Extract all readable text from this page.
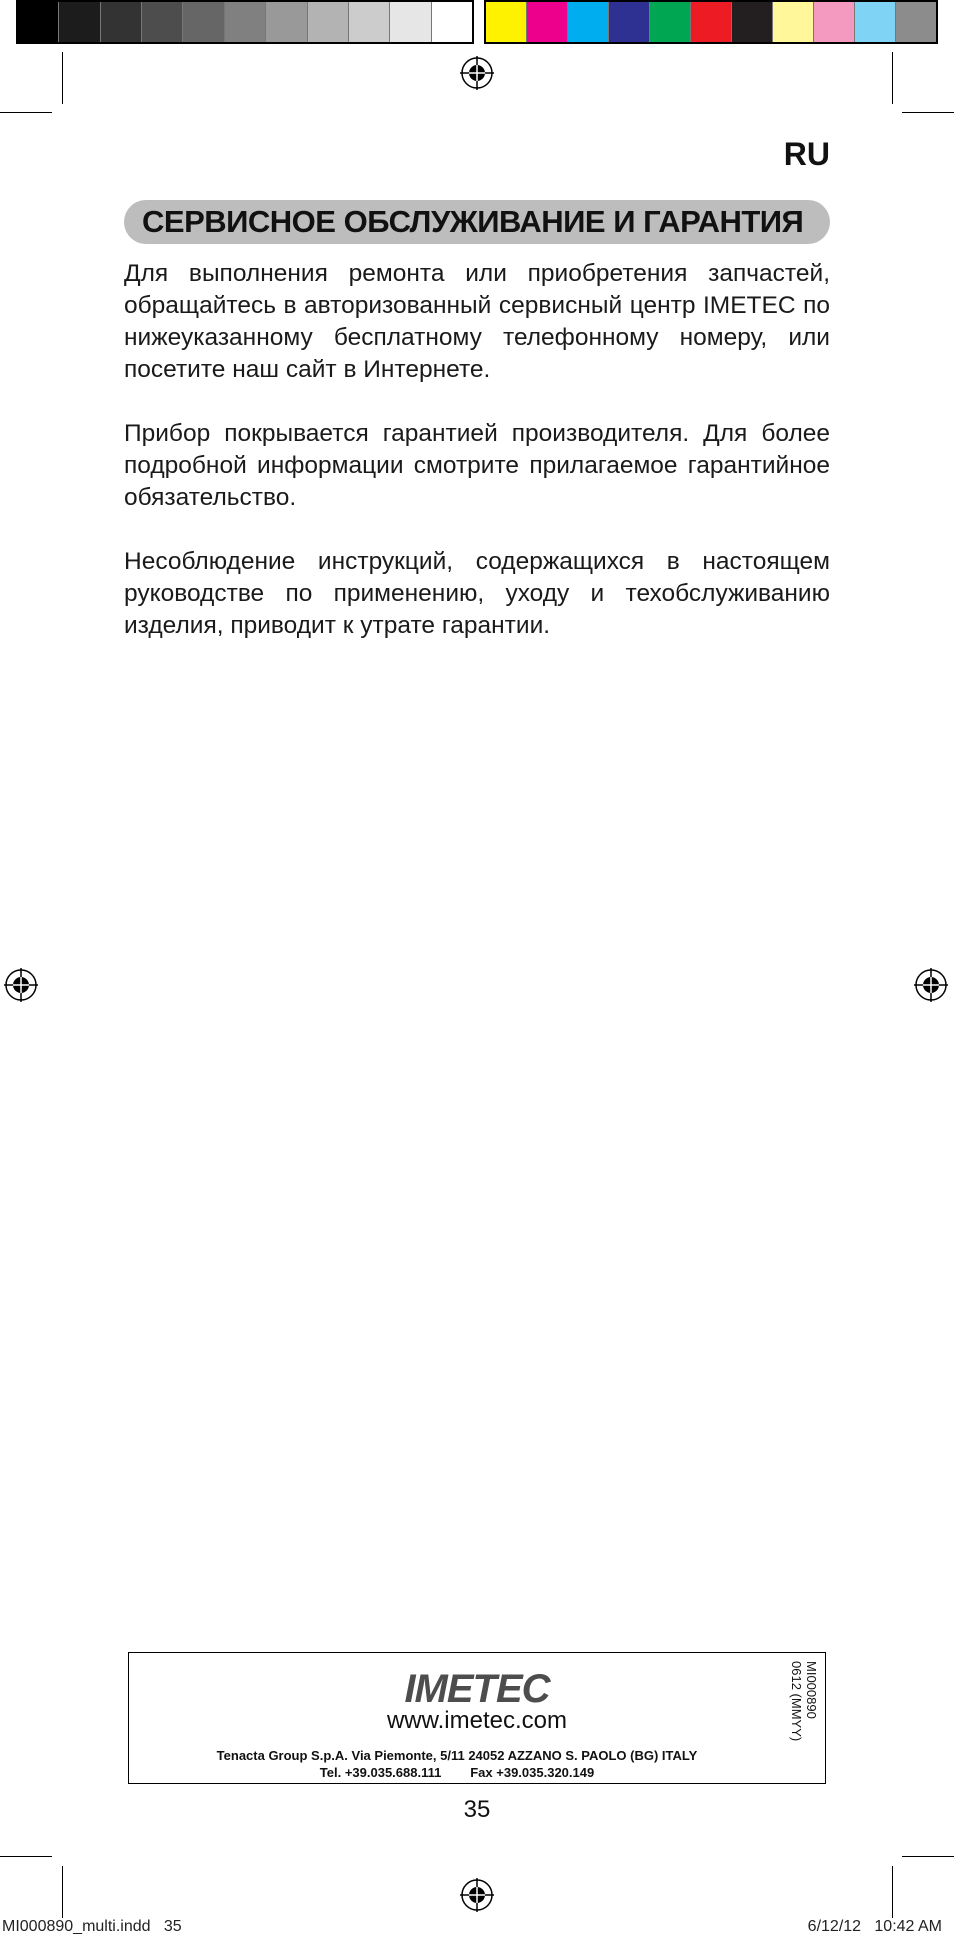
RU
СЕРВИСНОЕ ОБСЛУЖИВАНИЕ И ГАРАНТИЯ

Для выполнения ремонта или приобретения запчастей, обращайтесь в авторизованный сервисный центр IMETEC по нижеуказанному бесплатному телефонному номеру, или посетите наш сайт в Интернете.

Прибор покрывается гарантией производителя. Для более подробной информации смотрите прилагаемое гарантийное обязательство.

Несоблюдение инструкций, содержащихся в настоящем руководстве по применению, уходу и техобслуживанию изделия, приводит к утрате гарантии.

IMETEC
www.imetec.com
Tenacta Group S.p.A. Via Piemonte, 5/11 24052 AZZANO S. PAOLO (BG) ITALY
Tel. +39.035.688.111        Fax +39.035.320.149
MI000890
0612 (MMYY)
35
MI000890_multi.indd   35	6/12/12   10:42 AM
